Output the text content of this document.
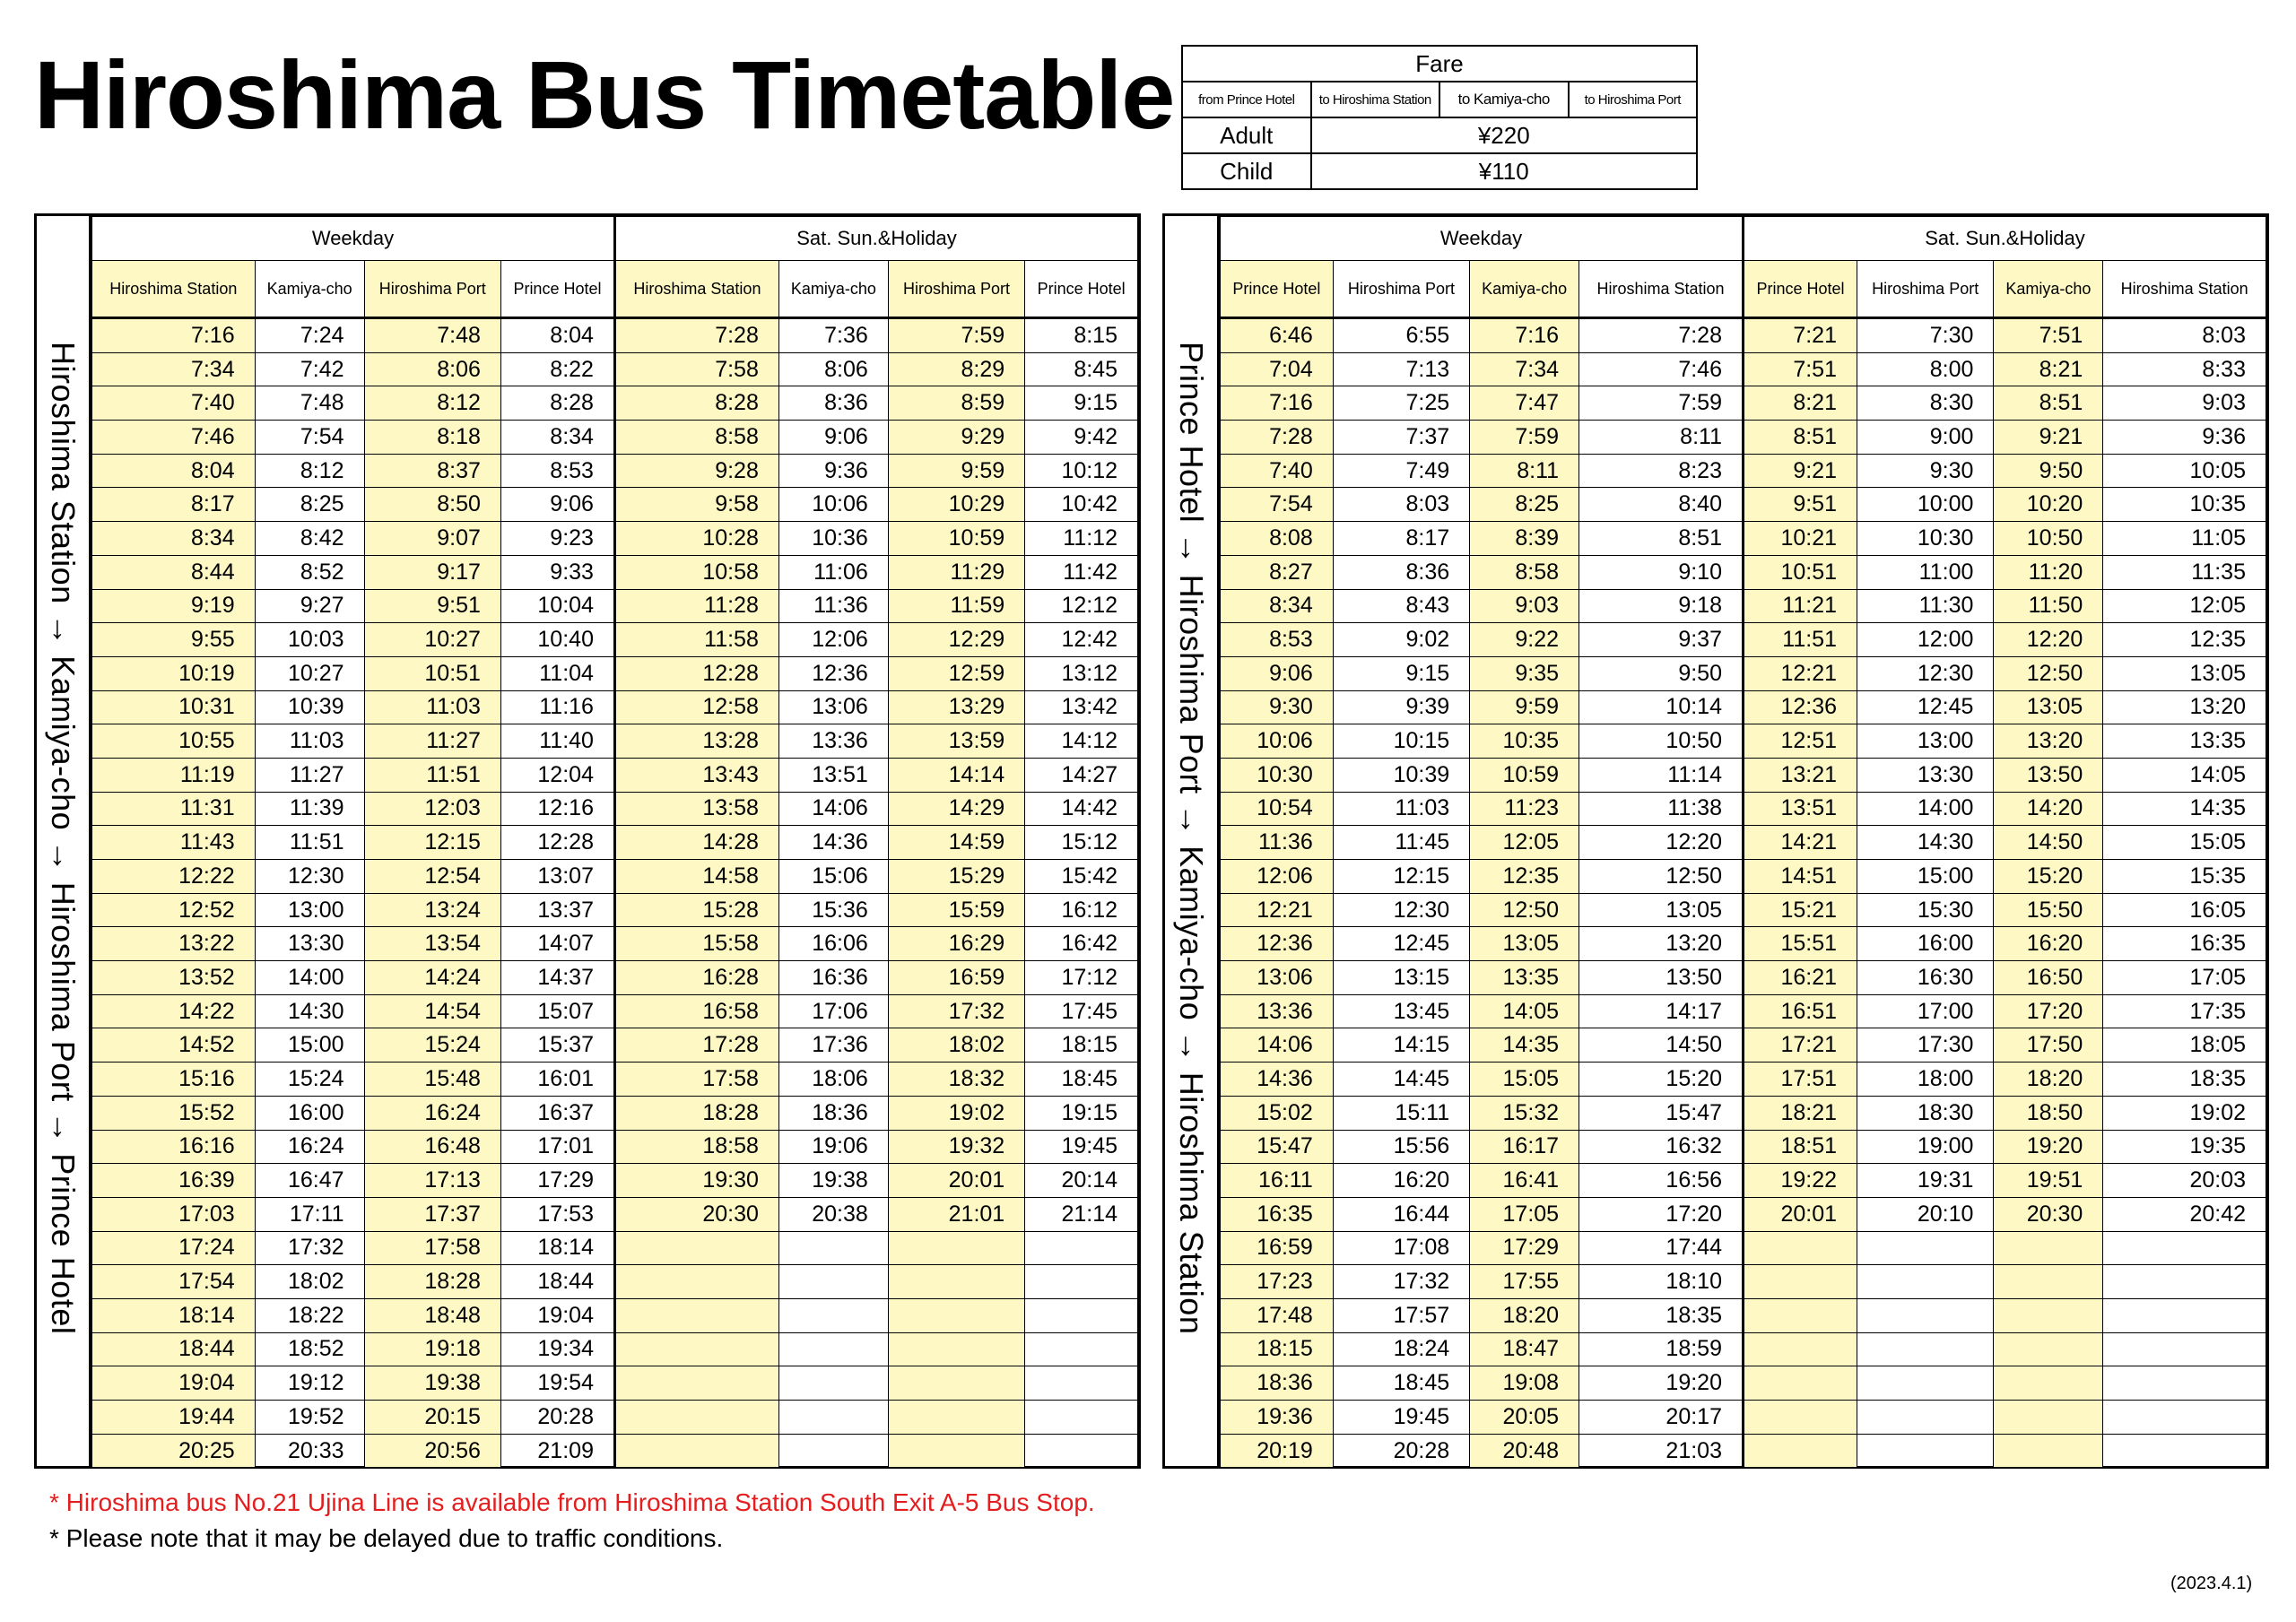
Hiroshima Bus Timetable	Fare			
from Prince Hotel	to Hiroshima Station	to Kamiya-cho	to Hiroshima Port
Adult	¥220		
Child	¥110		
Hiroshima Station → Kamiya-cho → Hiroshima Port → Prince Hotel
Weekday				Sat. Sun.&Holiday			
Hiroshima Station	Kamiya-cho	Hiroshima Port	Prince Hotel	Hiroshima Station	Kamiya-cho	Hiroshima Port	Prince Hotel
7:16	7:24	7:48	8:04	7:28	7:36	7:59	8:15
7:34	7:42	8:06	8:22	7:58	8:06	8:29	8:45
7:40	7:48	8:12	8:28	8:28	8:36	8:59	9:15
7:46	7:54	8:18	8:34	8:58	9:06	9:29	9:42
8:04	8:12	8:37	8:53	9:28	9:36	9:59	10:12
8:17	8:25	8:50	9:06	9:58	10:06	10:29	10:42
8:34	8:42	9:07	9:23	10:28	10:36	10:59	11:12
8:44	8:52	9:17	9:33	10:58	11:06	11:29	11:42
9:19	9:27	9:51	10:04	11:28	11:36	11:59	12:12
9:55	10:03	10:27	10:40	11:58	12:06	12:29	12:42
10:19	10:27	10:51	11:04	12:28	12:36	12:59	13:12
10:31	10:39	11:03	11:16	12:58	13:06	13:29	13:42
10:55	11:03	11:27	11:40	13:28	13:36	13:59	14:12
11:19	11:27	11:51	12:04	13:43	13:51	14:14	14:27
11:31	11:39	12:03	12:16	13:58	14:06	14:29	14:42
11:43	11:51	12:15	12:28	14:28	14:36	14:59	15:12
12:22	12:30	12:54	13:07	14:58	15:06	15:29	15:42
12:52	13:00	13:24	13:37	15:28	15:36	15:59	16:12
13:22	13:30	13:54	14:07	15:58	16:06	16:29	16:42
13:52	14:00	14:24	14:37	16:28	16:36	16:59	17:12
14:22	14:30	14:54	15:07	16:58	17:06	17:32	17:45
14:52	15:00	15:24	15:37	17:28	17:36	18:02	18:15
15:16	15:24	15:48	16:01	17:58	18:06	18:32	18:45
15:52	16:00	16:24	16:37	18:28	18:36	19:02	19:15
16:16	16:24	16:48	17:01	18:58	19:06	19:32	19:45
16:39	16:47	17:13	17:29	19:30	19:38	20:01	20:14
17:03	17:11	17:37	17:53	20:30	20:38	21:01	21:14
17:24	17:32	17:58	18:14				
17:54	18:02	18:28	18:44				
18:14	18:22	18:48	19:04				
18:44	18:52	19:18	19:34				
19:04	19:12	19:38	19:54				
19:44	19:52	20:15	20:28				
20:25	20:33	20:56	21:09				
Prince Hotel → Hiroshima Port → Kamiya-cho → Hiroshima Station
Weekday				Sat. Sun.&Holiday			
Prince Hotel	Hiroshima Port	Kamiya-cho	Hiroshima Station	Prince Hotel	Hiroshima Port	Kamiya-cho	Hiroshima Station
6:46	6:55	7:16	7:28	7:21	7:30	7:51	8:03
7:04	7:13	7:34	7:46	7:51	8:00	8:21	8:33
7:16	7:25	7:47	7:59	8:21	8:30	8:51	9:03
7:28	7:37	7:59	8:11	8:51	9:00	9:21	9:36
7:40	7:49	8:11	8:23	9:21	9:30	9:50	10:05
7:54	8:03	8:25	8:40	9:51	10:00	10:20	10:35
8:08	8:17	8:39	8:51	10:21	10:30	10:50	11:05
8:27	8:36	8:58	9:10	10:51	11:00	11:20	11:35
8:34	8:43	9:03	9:18	11:21	11:30	11:50	12:05
8:53	9:02	9:22	9:37	11:51	12:00	12:20	12:35
9:06	9:15	9:35	9:50	12:21	12:30	12:50	13:05
9:30	9:39	9:59	10:14	12:36	12:45	13:05	13:20
10:06	10:15	10:35	10:50	12:51	13:00	13:20	13:35
10:30	10:39	10:59	11:14	13:21	13:30	13:50	14:05
10:54	11:03	11:23	11:38	13:51	14:00	14:20	14:35
11:36	11:45	12:05	12:20	14:21	14:30	14:50	15:05
12:06	12:15	12:35	12:50	14:51	15:00	15:20	15:35
12:21	12:30	12:50	13:05	15:21	15:30	15:50	16:05
12:36	12:45	13:05	13:20	15:51	16:00	16:20	16:35
13:06	13:15	13:35	13:50	16:21	16:30	16:50	17:05
13:36	13:45	14:05	14:17	16:51	17:00	17:20	17:35
14:06	14:15	14:35	14:50	17:21	17:30	17:50	18:05
14:36	14:45	15:05	15:20	17:51	18:00	18:20	18:35
15:02	15:11	15:32	15:47	18:21	18:30	18:50	19:02
15:47	15:56	16:17	16:32	18:51	19:00	19:20	19:35
16:11	16:20	16:41	16:56	19:22	19:31	19:51	20:03
16:35	16:44	17:05	17:20	20:01	20:10	20:30	20:42
16:59	17:08	17:29	17:44				
17:23	17:32	17:55	18:10				
17:48	17:57	18:20	18:35				
18:15	18:24	18:47	18:59				
18:36	18:45	19:08	19:20				
19:36	19:45	20:05	20:17				
20:19	20:28	20:48	21:03				
* Hiroshima bus No.21 Ujina Line is available from Hiroshima Station South Exit A-5 Bus Stop.
* Please note that it may be delayed due to traffic conditions.
(2023.4.1)
